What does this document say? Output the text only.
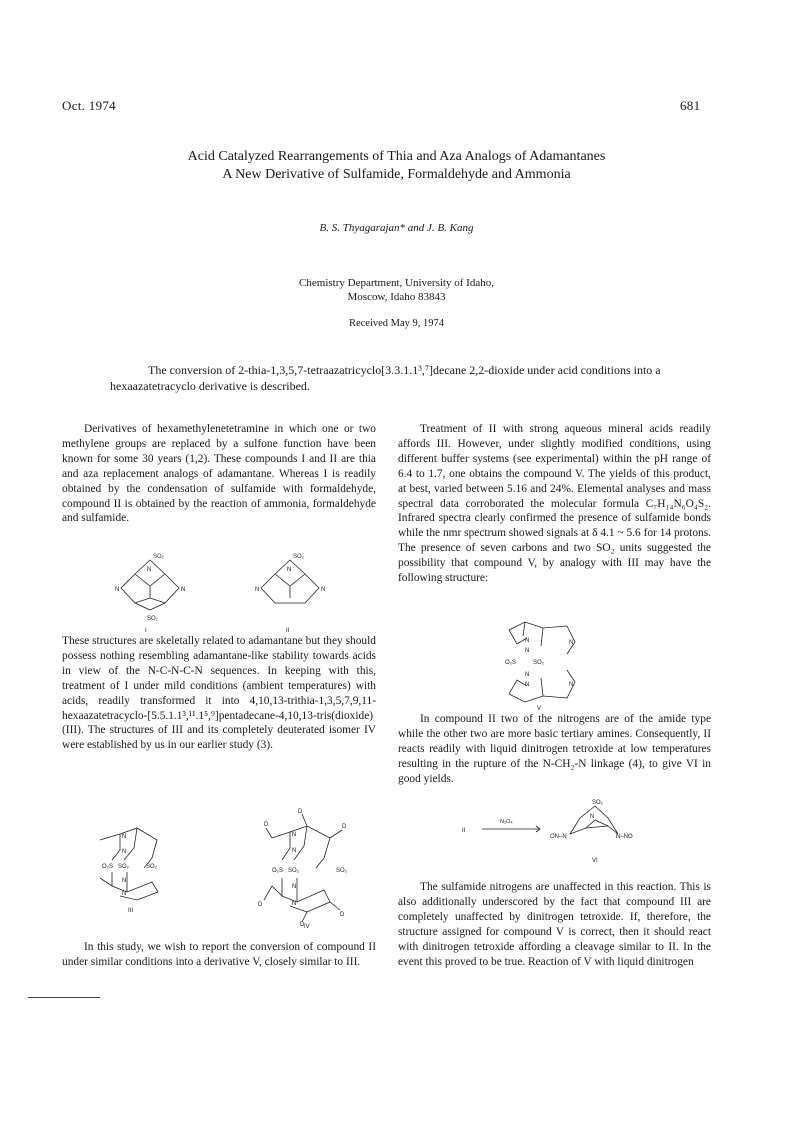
Oct. 1974	681
Acid Catalyzed Rearrangements of Thia and Aza Analogs of Adamantanes
A New Derivative of Sulfamide, Formaldehyde and Ammonia
B. S. Thyagarajan* and J. B. Kang
Chemistry Department, University of Idaho,
Moscow, Idaho 83843
Received May 9, 1974

The conversion of 2-thia-1,3,5,7-tetraazatricyclo[3.3.1.1³,⁷]decane 2,2-dioxide under acid conditions into a hexaazatetracyclo derivative is described.

Derivatives of hexamethylenetetramine in which one or two methylene groups are replaced by a sulfone function have been known for some 30 years (1,2). These compounds I and II are thia and aza replacement analogs of adamantane. Whereas I is readily obtained by the condensation of sulfamide with formaldehyde, compound II is obtained by the reaction of ammonia, formaldehyde and sulfamide.

SO₂
SO₂
N	N
N
I
SO₂
N	N
N
II

These structures are skeletally related to adamantane but they should possess nothing resembling adamantane-like stability towards acids in view of the N-C-N-C-N sequences. In keeping with this, treatment of I under mild conditions (ambient temperatures) with acids, readily transformed it into 4,10,13-trithia-1,3,5,7,9,11-hexaazatetracyclo-[5.5.1.1³,¹¹.1⁵,⁹]pentadecane-4,10,13-tris(dioxide) (III). The structures of III and its completely deuterated isomer IV were established by us in our earlier study (3).

N
N
N
N
O₂S SO₂	SO₂
III
D
D
D
D
D
D
N
N
N
N
O₂S SO₂	SO₂
IV

In this study, we wish to report the conversion of compound II under similar conditions into a derivative V, closely similar to III.

Treatment of II with strong aqueous mineral acids readily affords III. However, under slightly modified conditions, using different buffer systems (see experimental) within the pH range of 6.4 to 1.7, one obtains the compound V. The yields of this product, at best, varied between 5.16 and 24%. Elemental analyses and mass spectral data corroborated the molecular formula C₇H₁₄N₆O₄S₂. Infrared spectra clearly confirmed the presence of sulfamide bonds while the nmr spectrum showed signals at δ 4.1 ~ 5.6 for 14 protons. The presence of seven carbons and two SO₂ units suggested the possibility that compound V, by analogy with III may have the following structure:

N
N
N
N
N
N
O₂S	SO₂
V

In compound II two of the nitrogens are of the amide type while the other two are more basic tertiary amines. Consequently, II reacts readily with liquid dinitrogen tetroxide at low temperatures resulting in the rupture of the N-CH₂-N linkage (4), to give VI in good yields.

II
N₂O₄
SO₂
N
ON–N	N–NO
VI

The sulfamide nitrogens are unaffected in this reaction. This is also additionally underscored by the fact that compound III are completely unaffected by dinitrogen tetroxide. If, therefore, the structure assigned for compound V is correct, then it should react with dinitrogen tetroxide affording a cleavage similar to II. In the event this proved to be true. Reaction of V with liquid dinitrogen
